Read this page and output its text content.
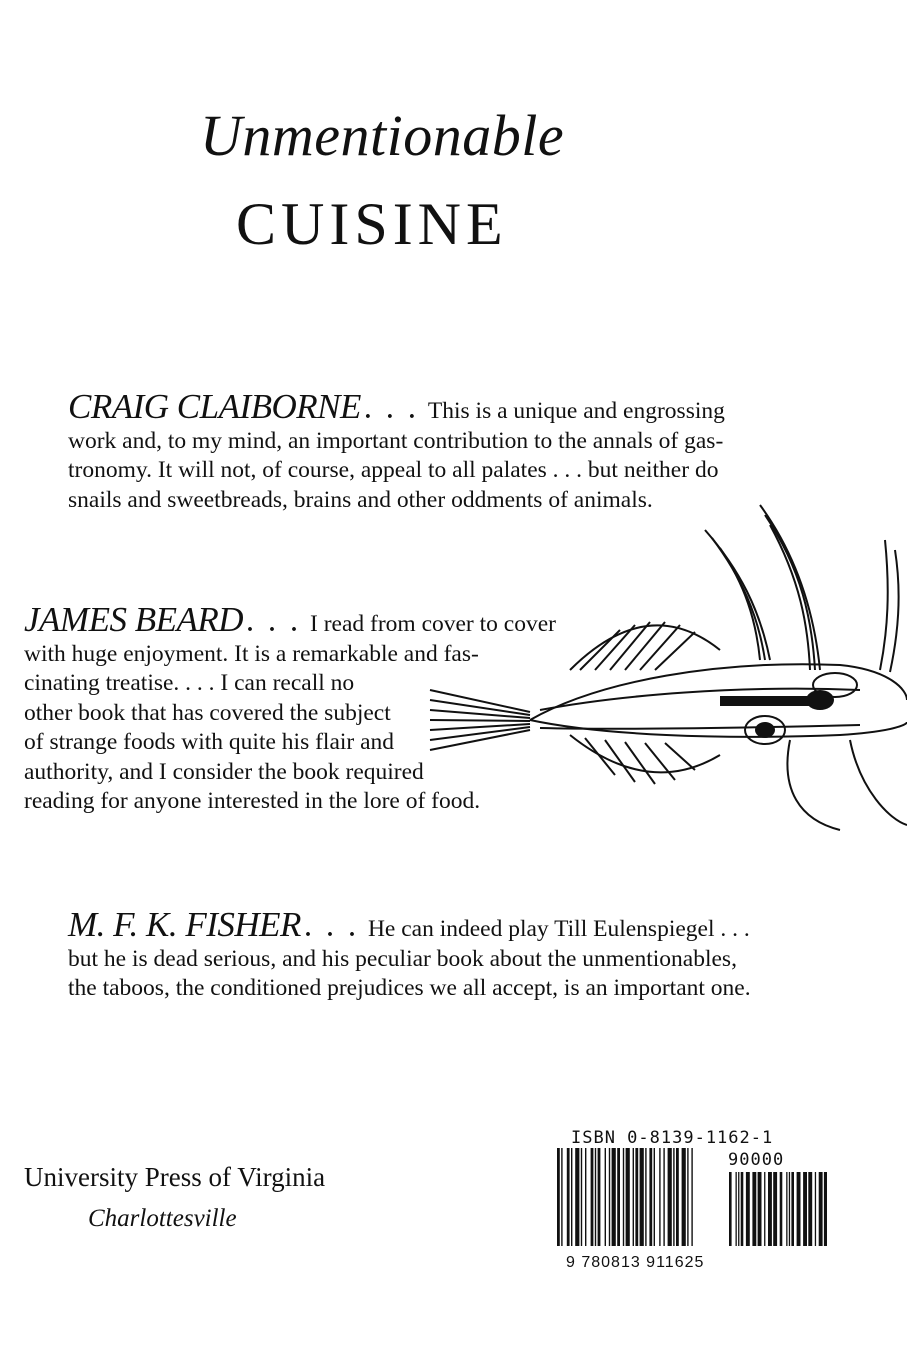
Unmentionable
CUISINE
CRAIG CLAIBORNE . . . This is a unique and engrossing
work and, to my mind, an important contribution to the annals of gas-
tronomy. It will not, of course, appeal to all palates . . . but neither do
snails and sweetbreads, brains and other oddments of animals.
JAMES BEARD . . . I read from cover to cover
with huge enjoyment. It is a remarkable and fas-
cinating treatise. . . . I can recall no
other book that has covered the subject
of strange foods with quite his flair and
authority, and I consider the book required
reading for anyone interested in the lore of food.
M. F. K. FISHER . . . He can indeed play Till Eulenspiegel . . .
but he is dead serious, and his peculiar book about the unmentionables,
the taboos, the conditioned prejudices we all accept, is an important one.
University Press of Virginia
Charlottesville
ISBN 0-8139-1162-1
90000
9 780813 911625
